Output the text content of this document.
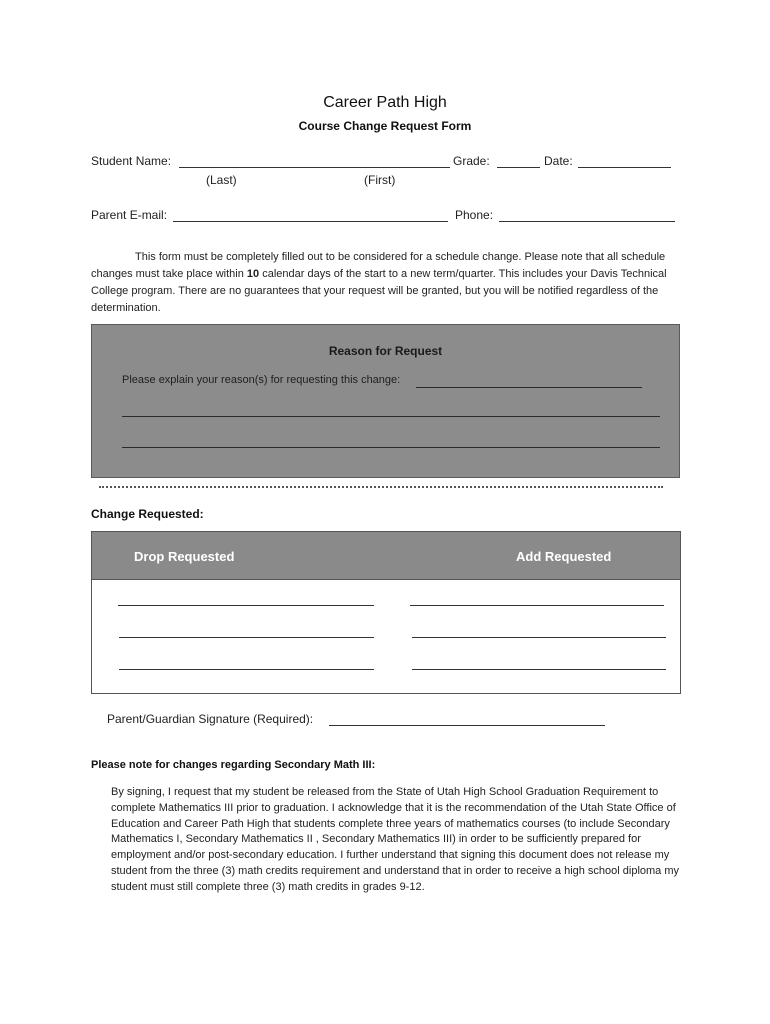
Career Path High
Course Change Request Form
Student Name:	Grade:	Date:
(Last)	(First)
Parent E-mail:	Phone:
This form must be completely filled out to be considered for a schedule change. Please note that all schedule changes must take place within 10 calendar days of the start to a new term/quarter. This includes your Davis Technical College program. There are no guarantees that your request will be granted, but you will be notified regardless of the determination.
Reason for Request
Please explain your reason(s) for requesting this change:
Change Requested:
Drop Requested	Add Requested
Parent/Guardian Signature (Required):
Please note for changes regarding Secondary Math III:
By signing, I request that my student be released from the State of Utah High School Graduation Requirement to complete Mathematics III prior to graduation. I acknowledge that it is the recommendation of the Utah State Office of Education and Career Path High that students complete three years of mathematics courses (to include Secondary Mathematics I, Secondary Mathematics II , Secondary Mathematics III) in order to be sufficiently prepared for employment and/or post-secondary education. I further understand that signing this document does not release my student from the three (3) math credits requirement and understand that in order to receive a high school diploma my student must still complete three (3) math credits in grades 9-12.
